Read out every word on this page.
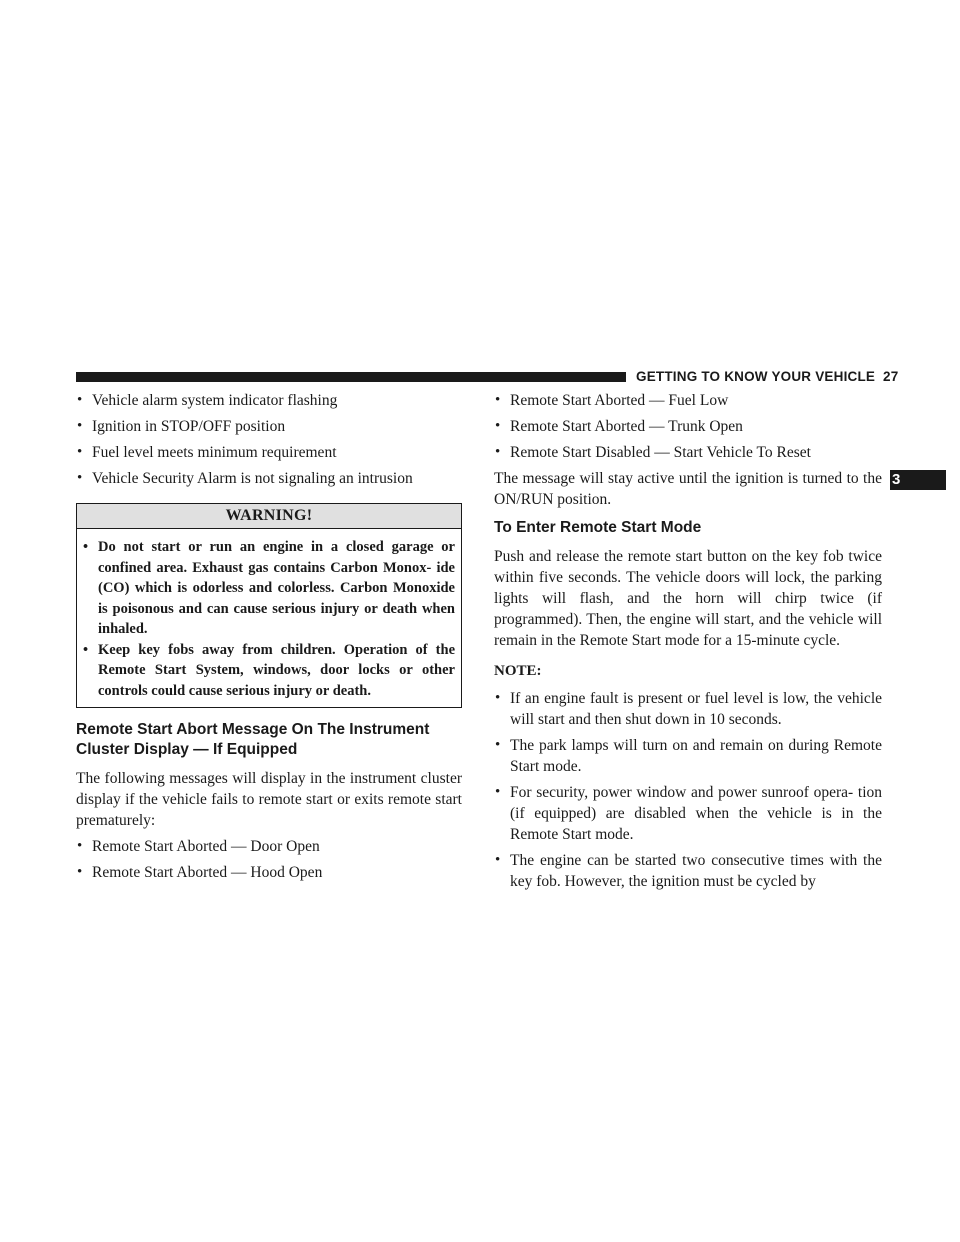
GETTING TO KNOW YOUR VEHICLE 27
3
• Vehicle alarm system indicator flashing
• Ignition in STOP/OFF position
• Fuel level meets minimum requirement
• Vehicle Security Alarm is not signaling an intrusion
WARNING!
• Do not start or run an engine in a closed garage or confined area. Exhaust gas contains Carbon Monox- ide (CO) which is odorless and colorless. Carbon Monoxide is poisonous and can cause serious injury or death when inhaled.
• Keep key fobs away from children. Operation of the Remote Start System, windows, door locks or other controls could cause serious injury or death.
Remote Start Abort Message On The Instrument Cluster Display — If Equipped

The following messages will display in the instrument cluster display if the vehicle fails to remote start or exits remote start prematurely:

• Remote Start Aborted — Door Open
• Remote Start Aborted — Hood Open
• Remote Start Aborted — Fuel Low
• Remote Start Aborted — Trunk Open
• Remote Start Disabled — Start Vehicle To Reset

The message will stay active until the ignition is turned to the ON/RUN position.

To Enter Remote Start Mode

Push and release the remote start button on the key fob twice within five seconds. The vehicle doors will lock, the parking lights will flash, and the horn will chirp twice (if programmed). Then, the engine will start, and the vehicle will remain in the Remote Start mode for a 15-minute cycle.

NOTE:
• If an engine fault is present or fuel level is low, the vehicle will start and then shut down in 10 seconds.
• The park lamps will turn on and remain on during Remote Start mode.
• For security, power window and power sunroof opera- tion (if equipped) are disabled when the vehicle is in the Remote Start mode.
• The engine can be started two consecutive times with the key fob. However, the ignition must be cycled by
